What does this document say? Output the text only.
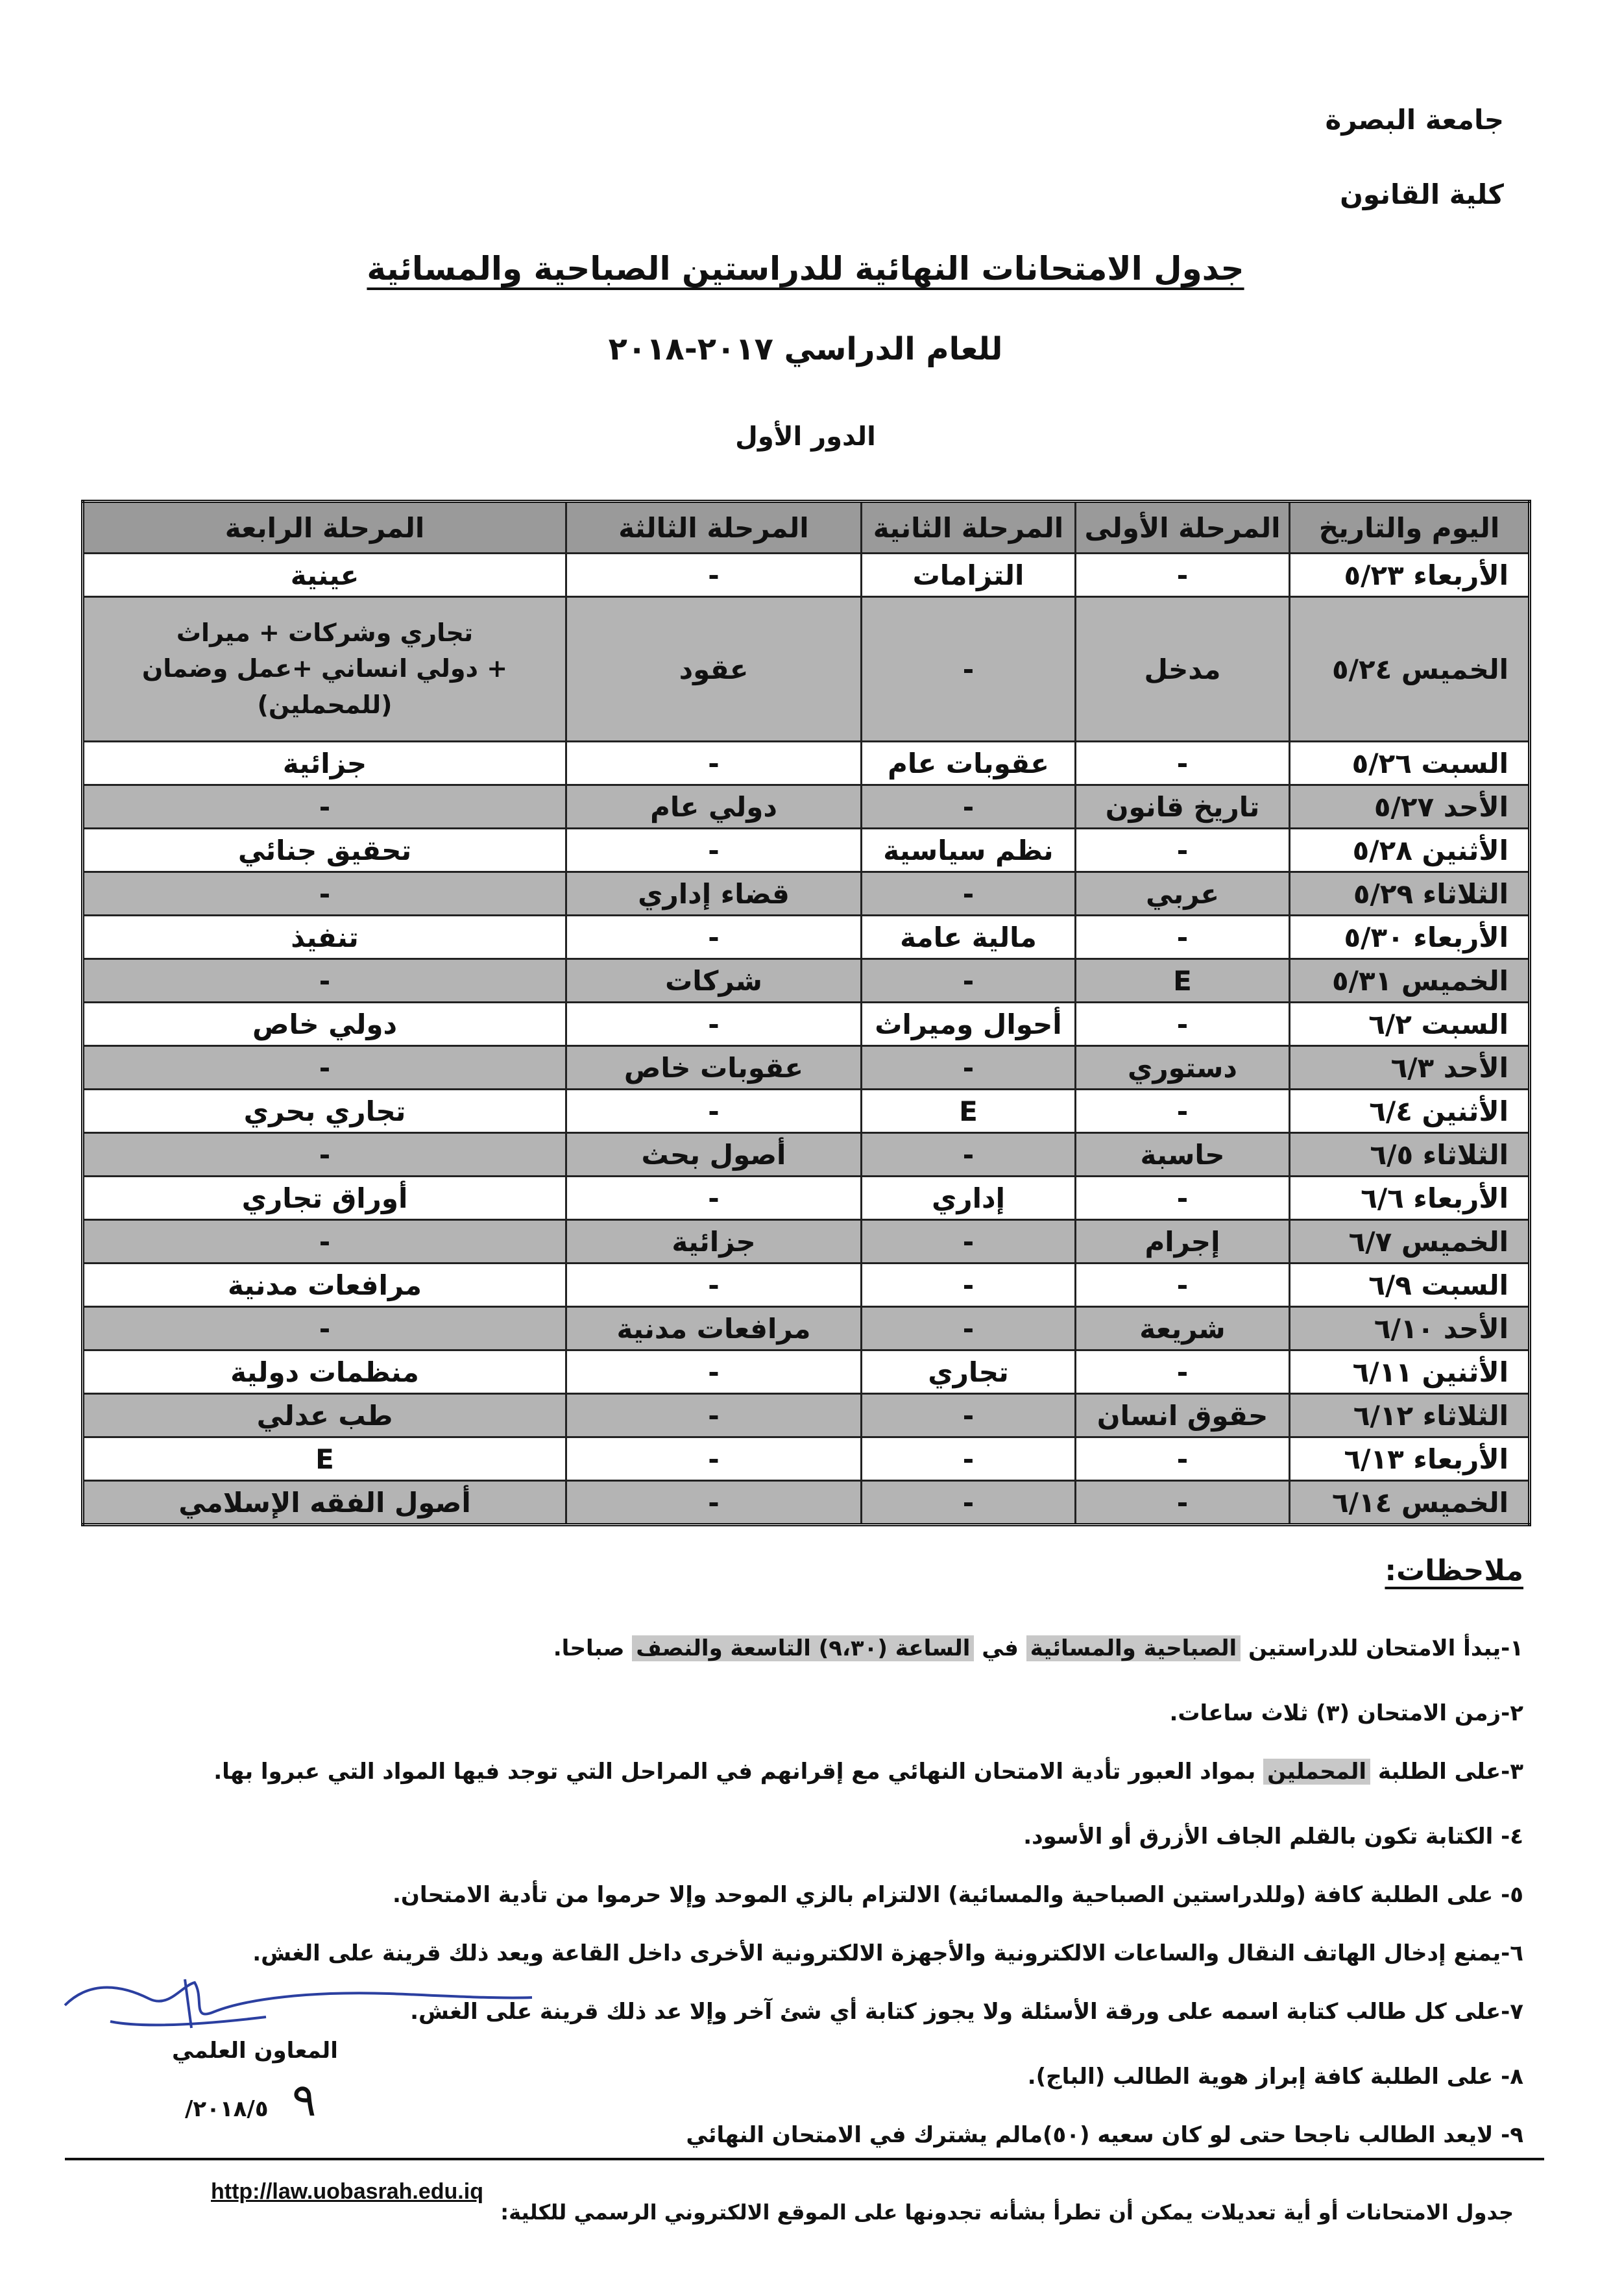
جامعة البصرة
كلية القانون
جدول الامتحانات النهائية للدراستين الصباحية والمسائية
للعام الدراسي ٢٠١٧-٢٠١٨
الدور الأول
اليوم والتاريخ	المرحلة الأولى	المرحلة الثانية	المرحلة الثالثة	المرحلة الرابعة
الأربعاء ٥/٢٣	-	التزامات	-	عينية
الخميس ٥/٢٤	مدخل	-	عقود	تجاري وشركات + ميراث
+ دولي انساني +عمل وضمان
(للمحملين)

السبت ٥/٢٦	-	عقوبات عام	-	جزائية
الأحد ٥/٢٧	تاريخ قانون	-	دولي عام	-
الأثنين ٥/٢٨	-	نظم سياسية	-	تحقيق جنائي
الثلاثاء ٥/٢٩	عربي	-	قضاء إداري	-
الأربعاء ٥/٣٠	-	مالية عامة	-	تنفيذ
الخميس ٥/٣١	E	-	شركات	-
السبت ٦/٢	-	أحوال وميراث	-	دولي خاص
الأحد ٦/٣	دستوري	-	عقوبات خاص	-
الأثنين ٦/٤	-	E	-	تجاري بحري
الثلاثاء ٦/٥	حاسبة	-	أصول بحث	-
الأربعاء ٦/٦	-	إداري	-	أوراق تجاري
الخميس ٦/٧	إجرام	-	جزائية	-
السبت ٦/٩	-	-	-	مرافعات مدنية
الأحد ٦/١٠	شريعة	-	مرافعات مدنية	-
الأثنين ٦/١١	-	تجاري	-	منظمات دولية
الثلاثاء ٦/١٢	حقوق انسان	-	-	طب عدلي
الأربعاء ٦/١٣	-	-	-	E
الخميس ٦/١٤	-	-	-	أصول الفقه الإسلامي
ملاحظات:
١-يبدأ الامتحان للدراستين الصباحية والمسائية في الساعة (٩،٣٠) التاسعة والنصف صباحا.
٢-زمن الامتحان (٣) ثلاث ساعات.
٣-على الطلبة المحملين بمواد العبور تأدية الامتحان النهائي مع إقرانهم في المراحل التي توجد فيها المواد التي عبروا بها.
٤- الكتابة تكون بالقلم الجاف الأزرق أو الأسود.
٥- على الطلبة كافة (وللدراستين الصباحية والمسائية) الالتزام بالزي الموحد وإلا حرموا من تأدية الامتحان.
٦-يمنع إدخال الهاتف النقال والساعات الالكترونية والأجهزة الالكترونية الأخرى داخل القاعة ويعد ذلك قرينة على الغش.
٧-على كل طالب كتابة اسمه على ورقة الأسئلة ولا يجوز كتابة أي شئ آخر وإلا عد ذلك قرينة على الغش.
٨- على الطلبة كافة إبراز هوية الطالب (الباج).
٩- لايعد الطالب ناجحا حتى لو كان سعيه (٥٠)مالم يشترك في الامتحان النهائي
المعاون العلمي
٢٠١٨/٥/ ٩
جدول الامتحانات أو أية تعديلات يمكن أن تطرأ بشأنه تجدونها على الموقع الالكتروني الرسمي للكلية:
http://law.uobasrah.edu.iq
